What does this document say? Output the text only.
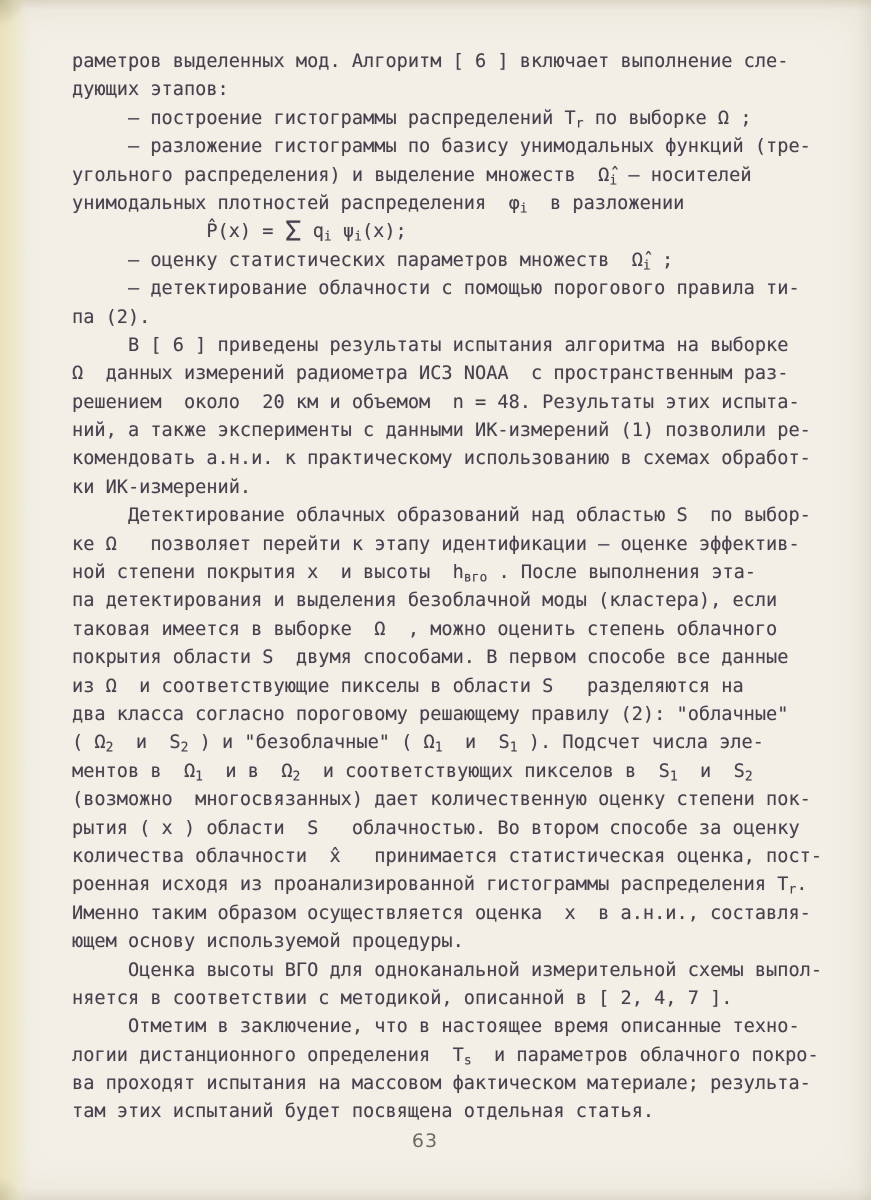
раметров выделенных мод. Алгоритм [ 6 ] включает выполнение сле-
дующих этапов:
– построение гистограммы распределений $T_r$ по выборке Ω ;
– разложение гистограммы по базису унимодальных функций (тре-
угольного распределения) и выделение множеств  $\Omegâ_i$ – носителей
унимодальных плотностей распределения  $\varphi_i$  в разложении
P̂(x) = Σ $q_i$ $\psi_i(x)$;
– оценку статистических параметров множеств  $\Omegâ_i$ ;
– детектирование облачности с помощью порогового правила ти-
па (2).
В [ 6 ] приведены результаты испытания алгоритма на выборке
Ω  данных измерений радиометра ИСЗ NOAA  с пространственным раз-
решением  около  20 км и объемом  n = 48. Результаты этих испыта-
ний, а также эксперименты с данными ИК-измерений (1) позволили ре-
комендовать а.н.и. к практическому использованию в схемах обработ-
ки ИК-измерений.
Детектирование облачных образований над областью S  по выбор-
ке Ω   позволяет перейти к этапу идентификации – оценке эффектив-
ной степени покрытия x  и высоты  $h_{вго}$ . После выполнения эта-
па детектирования и выделения безоблачной моды (кластера), если
таковая имеется в выборке  Ω  , можно оценить степень облачного
покрытия области S  двумя способами. В первом способе все данные
из Ω  и соответствующие пикселы в области S   разделяются на
два класса согласно пороговому решающему правилу (2): "облачные"
( $\Omega_2$  и  $S_2$ ) и "безоблачные" ( $\Omega_1$  и  $S_1$ ). Подсчет числа эле-
ментов в  $\Omega_1$  и в  $\Omega_2$  и соответствующих пикселов в  $S_1$  и  $S_2$
(возможно  многосвязанных) дает количественную оценку степени пок-
рытия ( x ) области  S   облачностью. Во втором способе за оценку
количества облачности  x̂   принимается статистическая оценка, пост-
роенная исходя из проанализированной гистограммы распределения $T_r$.
Именно таким образом осуществляется оценка  x  в а.н.и., составля-
ющем основу используемой процедуры.
Оценка высоты ВГО для одноканальной измерительной схемы выпол-
няется в соответствии с методикой, описанной в [ 2, 4, 7 ].
Отметим в заключение, что в настоящее время описанные техно-
логии дистанционного определения  $T_s$  и параметров облачного покро-
ва проходят испытания на массовом фактическом материале; результа-
там этих испытаний будет посвящена отдельная статья.
63
